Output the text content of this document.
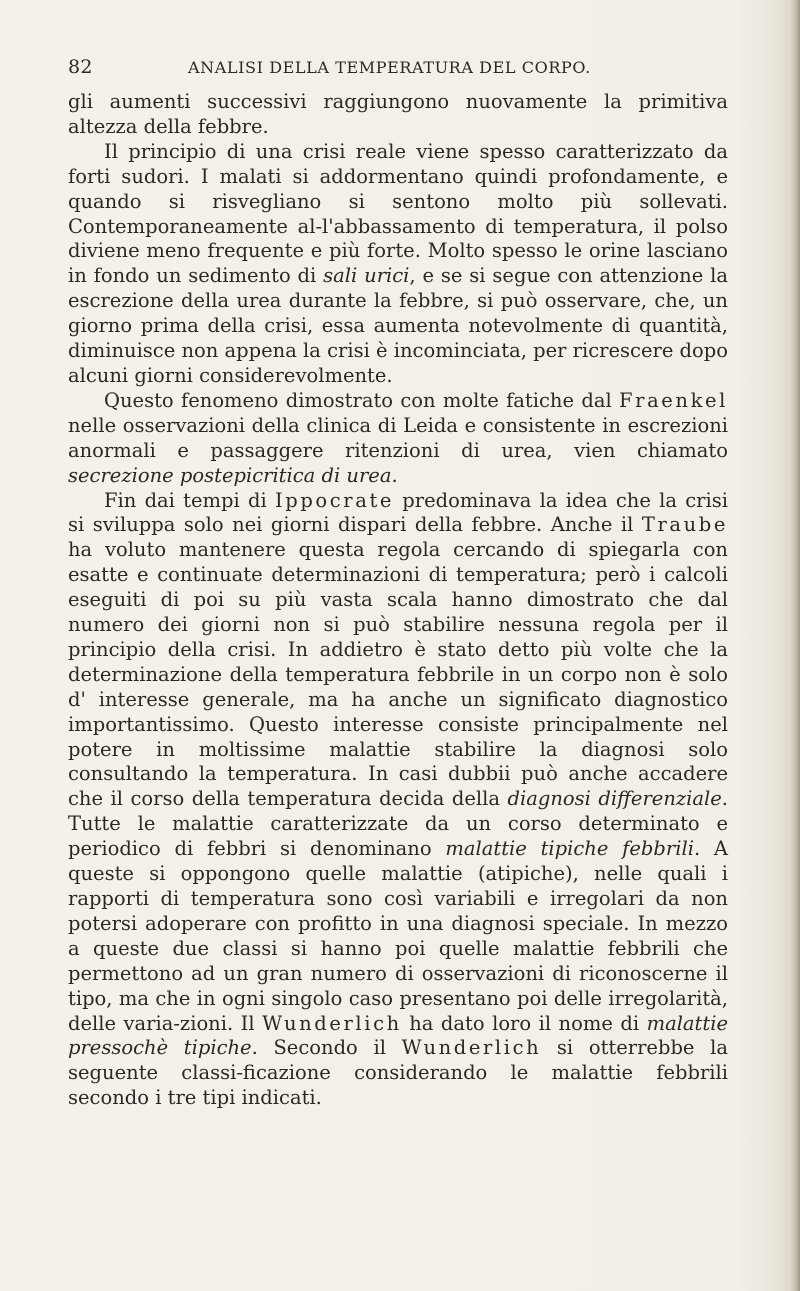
82	ANALISI DELLA TEMPERATURA DEL CORPO.

gli aumenti successivi raggiungono nuovamente la primitiva altezza della febbre.

Il principio di una crisi reale viene spesso caratterizzato da forti sudori. I malati si addormentano quindi profondamente, e quando si risvegliano si sentono molto più sollevati. Contemporaneamente al-l'abbassamento di temperatura, il polso diviene meno frequente e più forte. Molto spesso le orine lasciano in fondo un sedimento di sali urici, e se si segue con attenzione la escrezione della urea durante la febbre, si può osservare, che, un giorno prima della crisi, essa aumenta notevolmente di quantità, diminuisce non appena la crisi è incominciata, per ricrescere dopo alcuni giorni considerevolmente.

Questo fenomeno dimostrato con molte fatiche dal Fraenkel nelle osservazioni della clinica di Leida e consistente in escrezioni anormali e passaggere ritenzioni di urea, vien chiamato secrezione postepicritica di urea.

Fin dai tempi di Ippocrate predominava la idea che la crisi si sviluppa solo nei giorni dispari della febbre. Anche il Traube ha voluto mantenere questa regola cercando di spiegarla con esatte e continuate determinazioni di temperatura; però i calcoli eseguiti di poi su più vasta scala hanno dimostrato che dal numero dei giorni non si può stabilire nessuna regola per il principio della crisi. In addietro è stato detto più volte che la determinazione della temperatura febbrile in un corpo non è solo d' interesse generale, ma ha anche un significato diagnostico importantissimo. Questo interesse consiste principalmente nel potere in moltissime malattie stabilire la diagnosi solo consultando la temperatura. In casi dubbii può anche accadere che il corso della temperatura decida della diagnosi differenziale. Tutte le malattie caratterizzate da un corso determinato e periodico di febbri si denominano malattie tipiche febbrili. A queste si oppongono quelle malattie (atipiche), nelle quali i rapporti di temperatura sono così variabili e irregolari da non potersi adoperare con profitto in una diagnosi speciale. In mezzo a queste due classi si hanno poi quelle malattie febbrili che permettono ad un gran numero di osservazioni di riconoscerne il tipo, ma che in ogni singolo caso presentano poi delle irregolarità, delle varia-zioni. Il Wunderlich ha dato loro il nome di malattie pressochè tipiche. Secondo il Wunderlich si otterrebbe la seguente classi-ficazione considerando le malattie febbrili secondo i tre tipi indicati.
